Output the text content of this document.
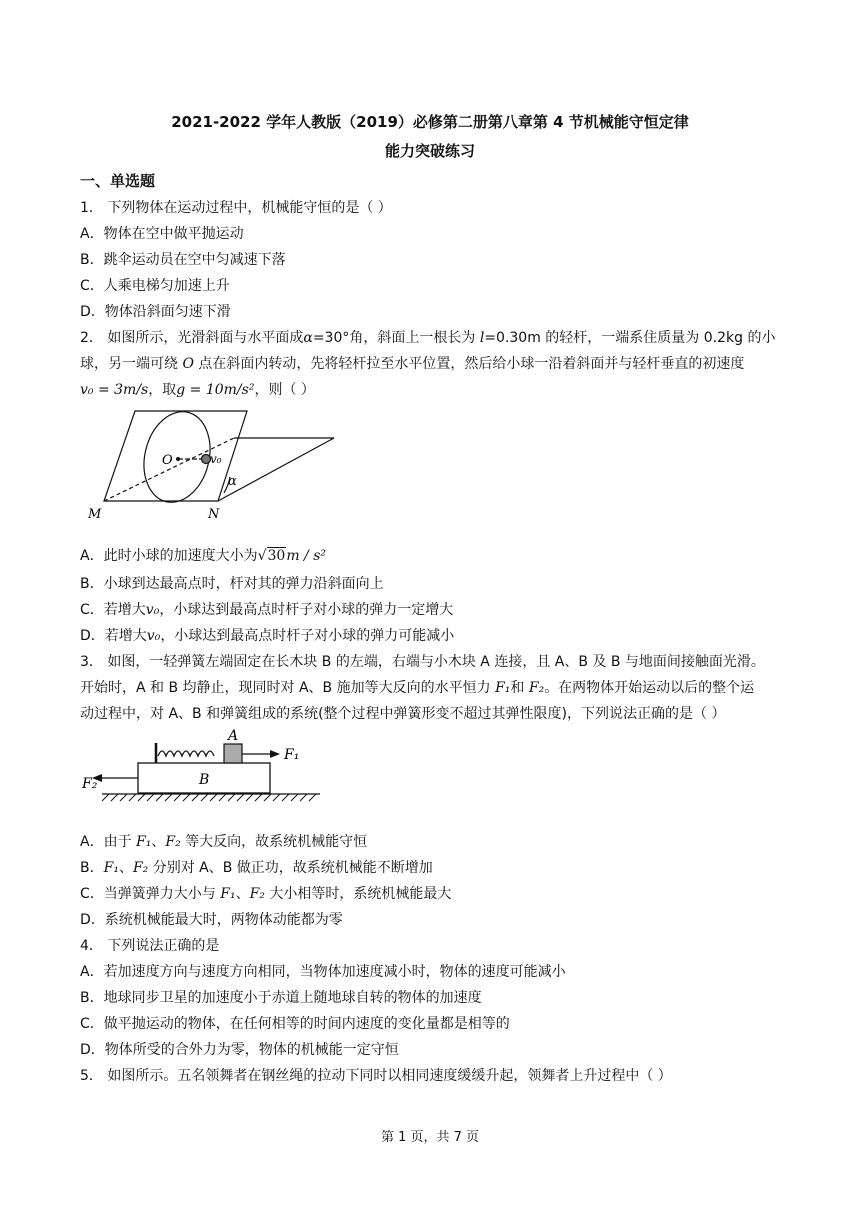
2021-2022 学年人教版（2019）必修第二册第八章第 4 节机械能守恒定律
能力突破练习
一、单选题
1． 下列物体在运动过程中，机械能守恒的是（ ）
A．物体在空中做平抛运动
B．跳伞运动员在空中匀减速下落
C．人乘电梯匀加速上升
D．物体沿斜面匀速下滑
2． 如图所示，光滑斜面与水平面成α=30°角，斜面上一根长为 l=0.30m 的轻杆，一端系住质量为 0.2kg 的小
球，另一端可绕 O 点在斜面内转动，先将轻杆拉至水平位置，然后给小球一沿着斜面并与轻杆垂直的初速度
v₀ = 3m/s，取g = 10m/s²，则（ ）
O	v₀
M	N
α
A．此时小球的加速度大小为√30m / s²
B．小球到达最高点时，杆对其的弹力沿斜面向上
C．若增大v₀，小球达到最高点时杆子对小球的弹力一定增大
D．若增大v₀，小球达到最高点时杆子对小球的弹力可能减小
3． 如图，一轻弹簧左端固定在长木块 B 的左端，右端与小木块 A 连接，且 A、B 及 B 与地面间接触面光滑。
开始时，A 和 B 均静止，现同时对 A、B 施加等大反向的水平恒力 F₁和 F₂。在两物体开始运动以后的整个运
动过程中，对 A、B 和弹簧组成的系统(整个过程中弹簧形变不超过其弹性限度)，下列说法正确的是（ ）
A
B
F₁
F₂
A．由于 F₁、F₂ 等大反向，故系统机械能守恒
B．F₁、F₂ 分别对 A、B 做正功，故系统机械能不断增加
C．当弹簧弹力大小与 F₁、F₂ 大小相等时，系统机械能最大
D．系统机械能最大时，两物体动能都为零
4． 下列说法正确的是
A．若加速度方向与速度方向相同，当物体加速度减小时，物体的速度可能减小
B．地球同步卫星的加速度小于赤道上随地球自转的物体的加速度
C．做平抛运动的物体，在任何相等的时间内速度的变化量都是相等的
D．物体所受的合外力为零，物体的机械能一定守恒
5． 如图所示。五名领舞者在钢丝绳的拉动下同时以相同速度缓缓升起，领舞者上升过程中（ ）
第 1 页，共 7 页
